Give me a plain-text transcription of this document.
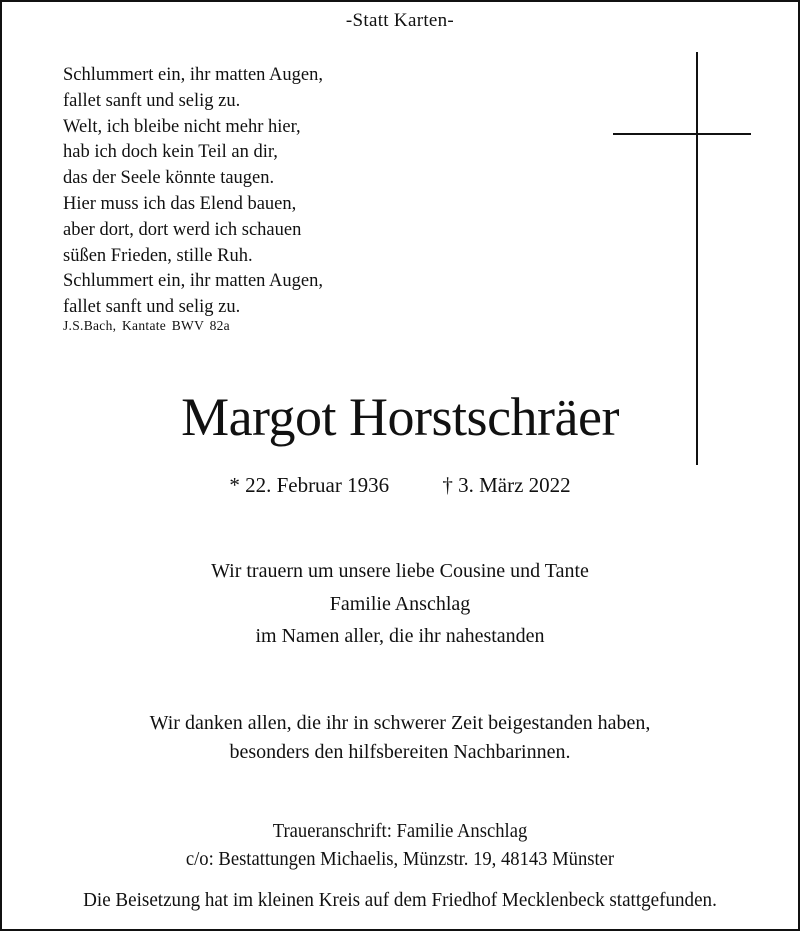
-Statt Karten-
Schlummert ein, ihr matten Augen,
fallet sanft und selig zu.
Welt, ich bleibe nicht mehr hier,
hab ich doch kein Teil an dir,
das der Seele könnte taugen.
Hier muss ich das Elend bauen,
aber dort, dort werd ich schauen
süßen Frieden, stille Ruh.
Schlummert ein, ihr matten Augen,
fallet sanft und selig zu.
J.S.Bach, Kantate BWV 82a
Margot Horstschräer
* 22. Februar 1936	† 3. März 2022
Wir trauern um unsere liebe Cousine und Tante
Familie Anschlag
im Namen aller, die ihr nahestanden
Wir danken allen, die ihr in schwerer Zeit beigestanden haben,
besonders den hilfsbereiten Nachbarinnen.
Traueranschrift: Familie Anschlag
c/o: Bestattungen Michaelis, Münzstr. 19, 48143 Münster
Die Beisetzung hat im kleinen Kreis auf dem Friedhof Mecklenbeck stattgefunden.
